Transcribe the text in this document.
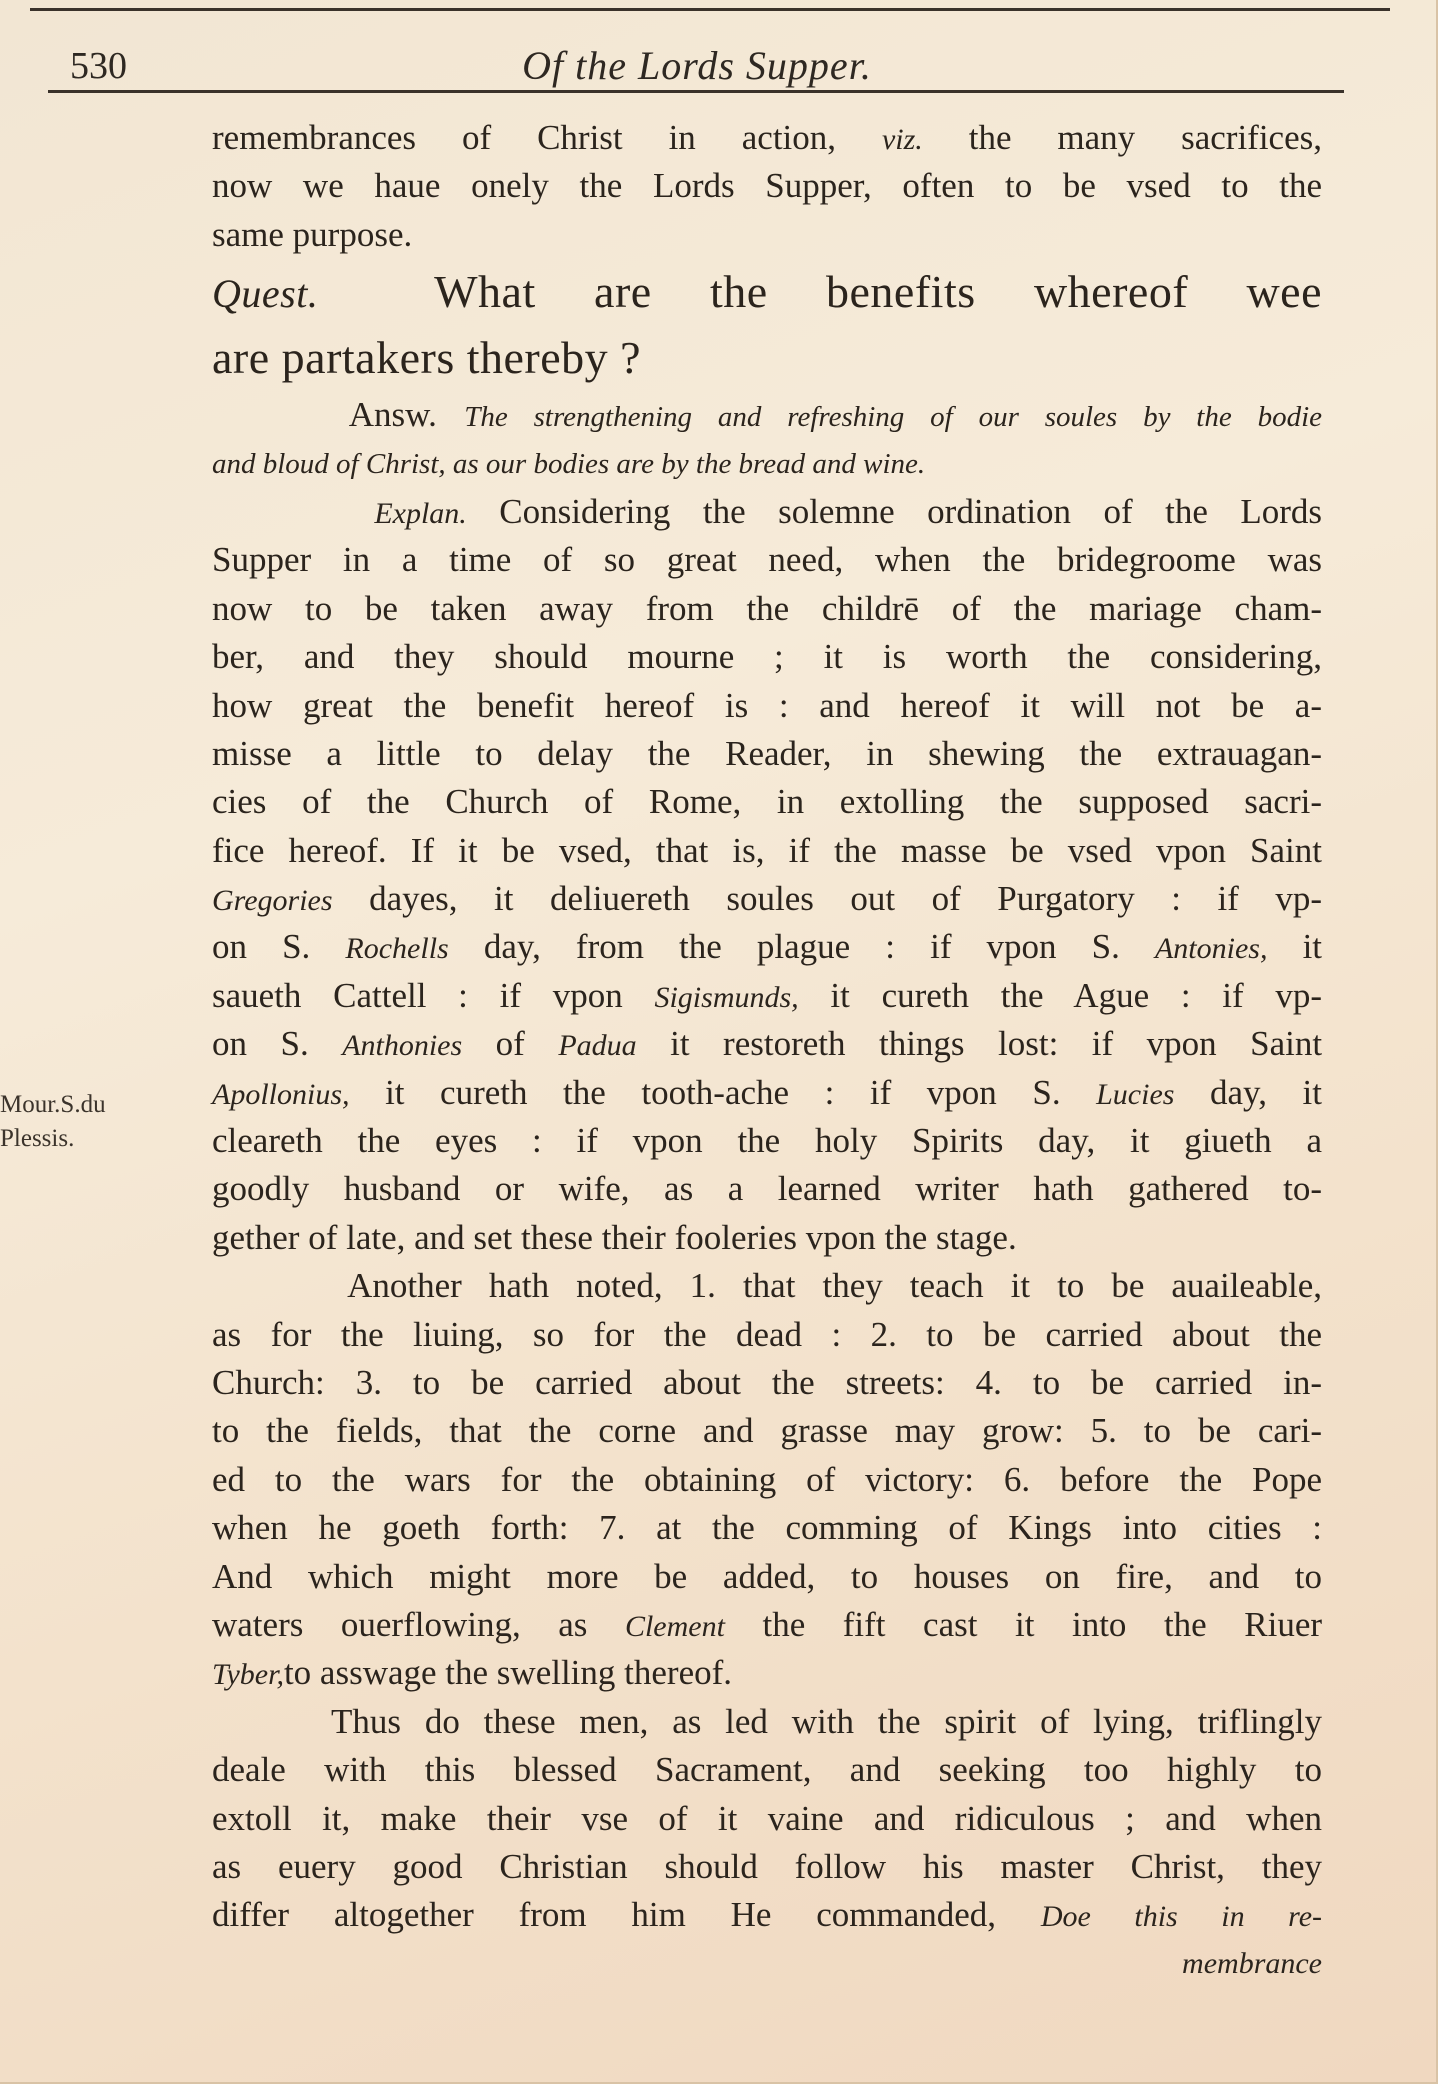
530	Of the Lords Supper.
Mour.S.du
Plessis.
remembrances of Christ in action, viz. the many sacrifices,
now we haue onely the Lords Supper, often to be vsed to the
same purpose.
Quest.	What are the benefits whereof wee
are partakers thereby ?
Answ. The strengthening and refreshing of our soules by the bodie
and bloud of Christ, as our bodies are by the bread and wine.
Explan. Considering the solemne ordination of the Lords
Supper in a time of so great need, when the bridegroome was
now to be taken away from the childrē of the mariage cham-
ber, and they should mourne ; it is worth the considering,
how great the benefit hereof is : and hereof it will not be a-
misse a little to delay the Reader, in shewing the extrauagan-
cies of the Church of Rome, in extolling the supposed sacri-
fice hereof. If it be vsed, that is, if the masse be vsed vpon Saint
Gregories dayes, it deliuereth soules out of Purgatory : if vp-
on S. Rochells day, from the plague : if vpon S. Antonies, it
saueth Cattell : if vpon Sigismunds, it cureth the Ague : if vp-
on S. Anthonies of Padua it restoreth things lost: if vpon Saint
Apollonius, it cureth the tooth-ache : if vpon S. Lucies day, it
cleareth the eyes : if vpon the holy Spirits day, it giueth a
goodly husband or wife, as a learned writer hath gathered to-
gether of late, and set these their fooleries vpon the stage.
Another hath noted, 1. that they teach it to be auaileable,
as for the liuing, so for the dead : 2. to be carried about the
Church: 3. to be carried about the streets: 4. to be carried in-
to the fields, that the corne and grasse may grow: 5. to be cari-
ed to the wars for the obtaining of victory: 6. before the Pope
when he goeth forth: 7. at the comming of Kings into cities :
And which might more be added, to houses on fire, and to
waters ouerflowing, as Clement the fift cast it into the Riuer
Tyber,to asswage the swelling thereof.
Thus do these men, as led with the spirit of lying, triflingly
deale with this blessed Sacrament, and seeking too highly to
extoll it, make their vse of it vaine and ridiculous ; and when
as euery good Christian should follow his master Christ, they
differ altogether from him He commanded, Doe this in re-
membrance
